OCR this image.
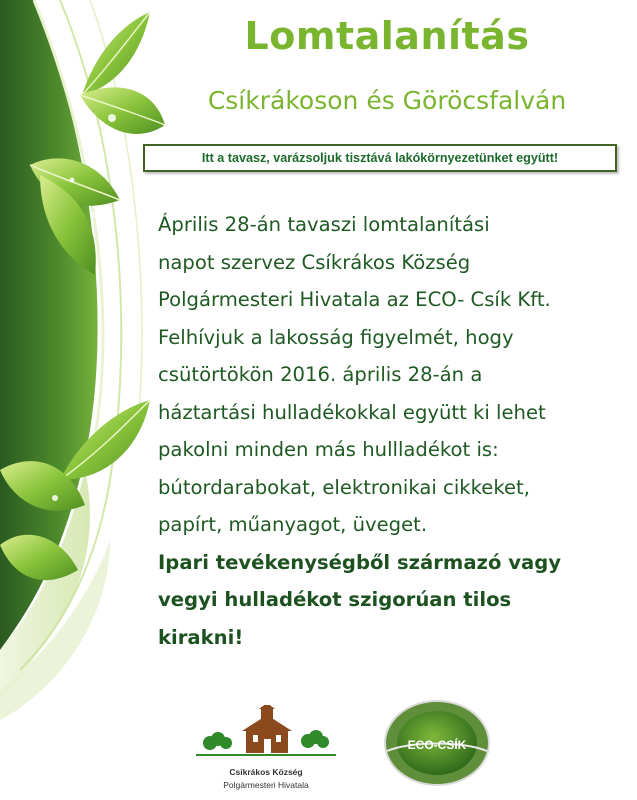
Lomtalanítás
Csíkrákoson és Göröcsfalván
Itt a tavasz, varázsoljuk tisztává lakókörnyezetünket együtt!
Április 28-án tavaszi lomtalanítási
napot szervez Csíkrákos Község
Polgármesteri Hivatala az ECO- Csík Kft.
Felhívjuk a lakosság figyelmét, hogy
csütörtökön 2016. április 28-án a
háztartási hulladékokkal együtt ki lehet
pakolni minden más hullladékot is:
bútordarabokat, elektronikai cikkeket,
papírt, műanyagot, üveget.
Ipari tevékenységből származó vagy
vegyi hulladékot szigorúan tilos
kirakni!
Csíkrákos Község
Polgármesteri Hivatala
ECO-CSÍK
